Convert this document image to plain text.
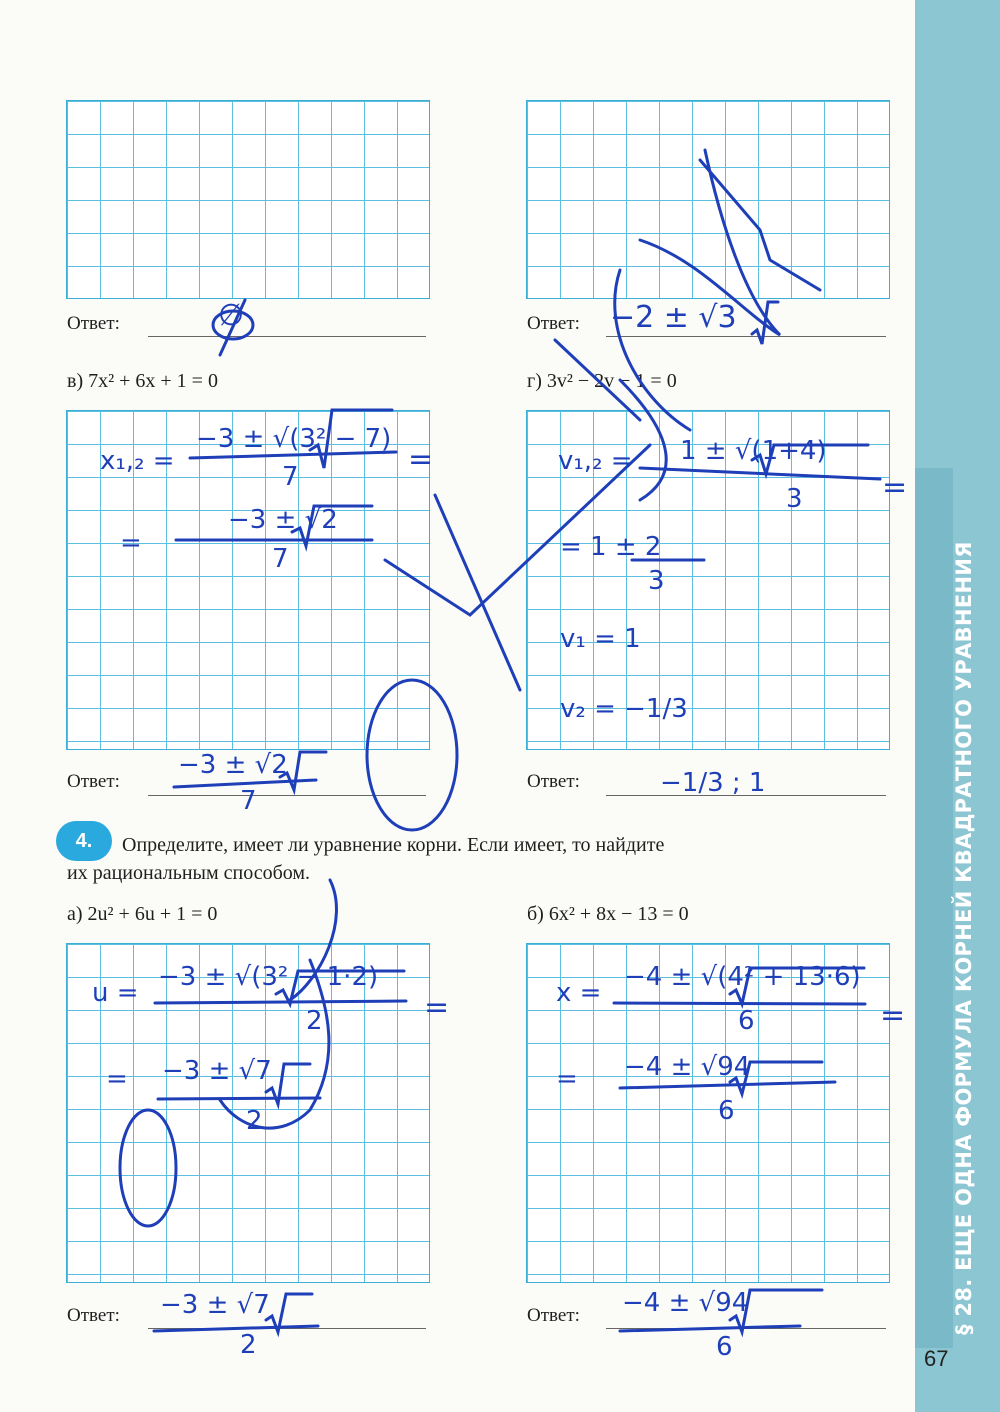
§ 28. ЕЩЕ ОДНА ФОРМУЛА КОРНЕЙ КВАДРАТНОГО УРАВНЕНИЯ
67
Ответ:	Ответ:
Ответ:	Ответ:
Ответ:	Ответ:
в) 7x² + 6x + 1 = 0	г) 3v² − 2v − 1 = 0
а) 2u² + 6u + 1 = 0	б) 6x² + 8x − 13 = 0
4.	Определите, имеет ли уравнение корни. Если имеет, то найдите
их рациональным способом.
∅	−2 ± √3
x₁,₂ =
−3 ± √(3² − 7)
7	=
=
−3 ± √2
7
−3 ± √2
7
v₁,₂ = 1 ± √(1+4)
3	=
= 1 ± 2
3
v₁ = 1
v₂ = −1/3
−1/3 ; 1
u =
−3 ± √(3² − 1·2)
2	=
= −3 ± √7
2
−3 ± √7
2
x =
−4 ± √(4² + 13·6)
6	=
= −4 ± √94
6
−4 ± √94
6
